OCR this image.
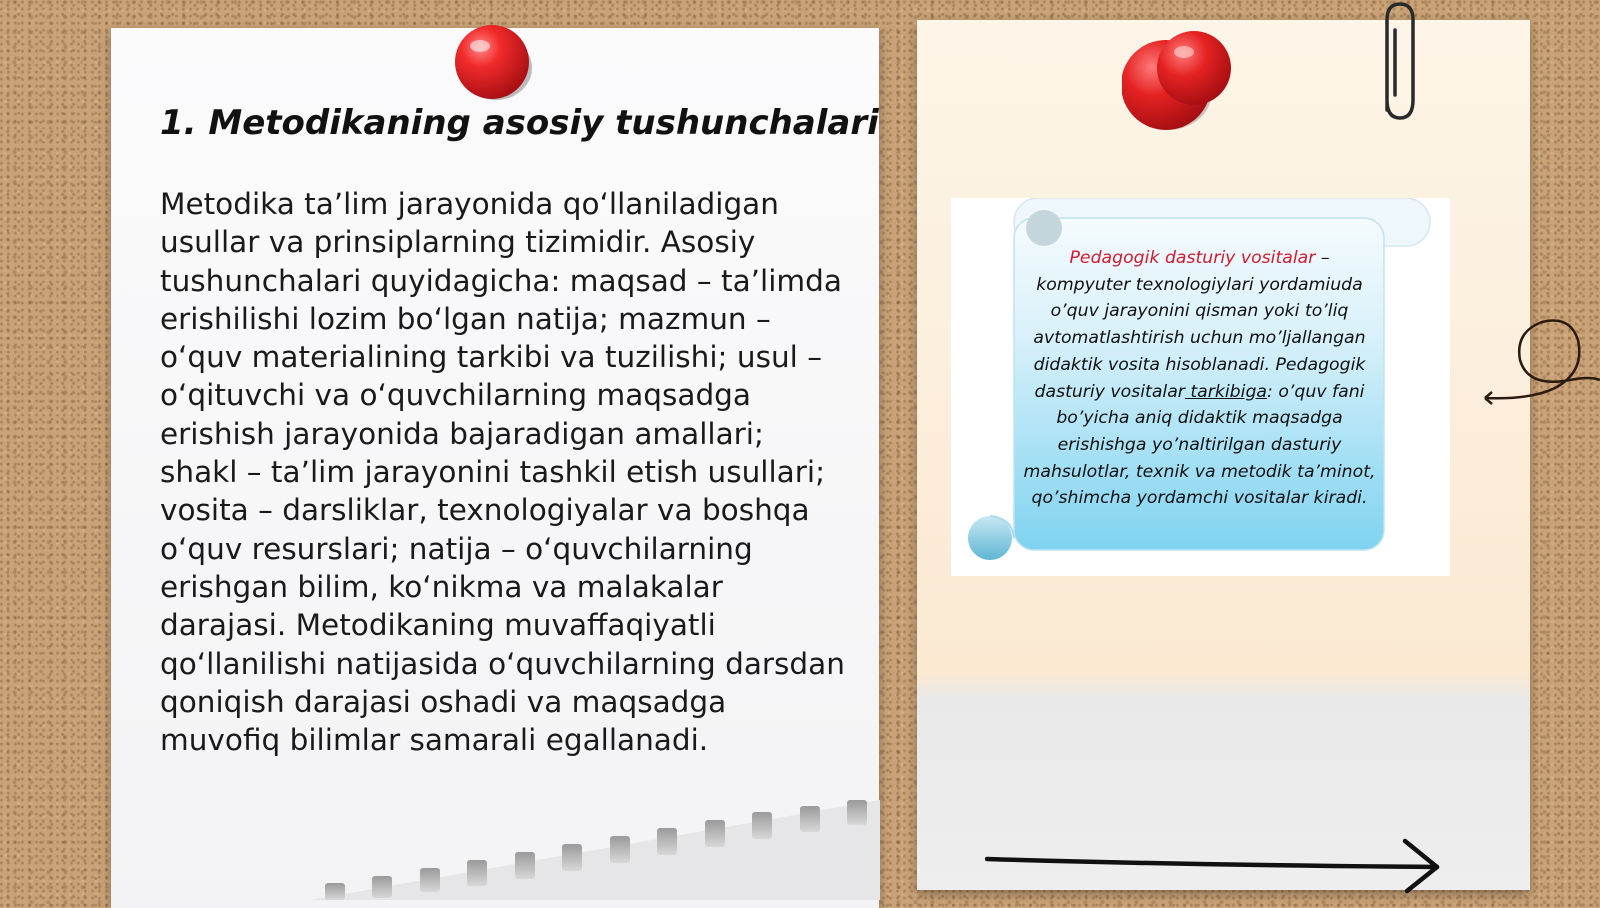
1. Metodikaning asosiy tushunchalari

Metodika ta’lim jarayonida qo‘llaniladigan usullar va prinsiplarning tizimidir. Asosiy tushunchalari quyidagicha: maqsad – ta’limda erishilishi lozim bo‘lgan natija; mazmun – o‘quv materialining tarkibi va tuzilishi; usul – o‘qituvchi va o‘quvchilarning maqsadga erishish jarayonida bajaradigan amallari; shakl – ta’lim jarayonini tashkil etish usullari; vosita – darsliklar, texnologiyalar va boshqa o‘quv resurslari; natija – o‘quvchilarning erishgan bilim, ko‘nikma va malakalar darajasi. Metodikaning muvaffaqiyatli qo‘llanilishi natijasida o‘quvchilarning darsdan qoniqish darajasi oshadi va maqsadga muvofiq bilimlar samarali egallanadi.

Pedagogik dasturiy vositalar – kompyuter texnologiylari yordamiuda o’quv jarayonini qisman yoki to’liq avtomatlashtirish uchun mo’ljallangan didaktik vosita hisoblanadi. Pedagogik dasturiy vositalar tarkibiga: o’quv fani bo’yicha aniq didaktik maqsadga erishishga yo’naltirilgan dasturiy mahsulotlar, texnik va metodik ta’minot, qo’shimcha yordamchi vositalar kiradi.
